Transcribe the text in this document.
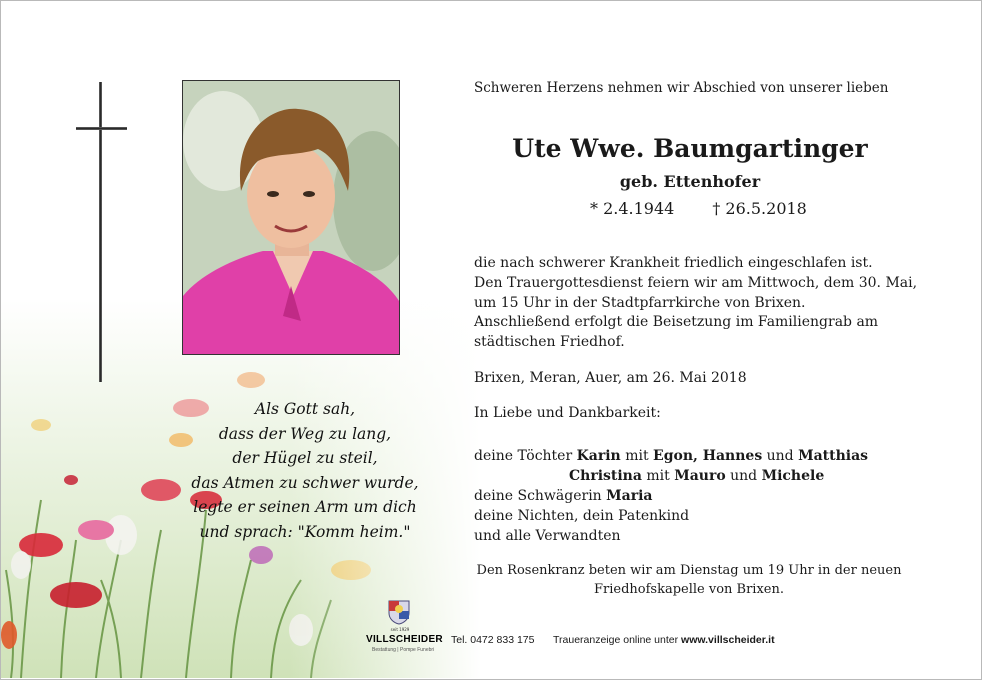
Als Gott sah,
dass der Weg zu lang,
der Hügel zu steil,
das Atmen zu schwer wurde,
legte er seinen Arm um dich
und sprach: "Komm heim."
Schweren Herzens nehmen wir Abschied von unserer lieben
Ute Wwe. Baumgartinger
geb. Ettenhofer
* 2.4.1944 † 26.5.2018
die nach schwerer Krankheit friedlich eingeschlafen ist.
Den Trauergottesdienst feiern wir am Mittwoch, dem 30. Mai,
um 15 Uhr in der Stadtpfarrkirche von Brixen.
Anschließend erfolgt die Beisetzung im Familiengrab am
städtischen Friedhof.
Brixen, Meran, Auer, am 26. Mai 2018
In Liebe und Dankbarkeit:
deine Töchter Karin mit Egon, Hannes und Matthias
Christina mit Mauro und Michele
deine Schwägerin Maria
deine Nichten, dein Patenkind
und alle Verwandten
Den Rosenkranz beten wir am Dienstag um 19 Uhr in der neuen
Friedhofskapelle von Brixen.
seit 1929
VILLSCHEIDER
Bestattung | Pompe Funebri
Tel. 0472 833 175 Traueranzeige online unter www.villscheider.it
